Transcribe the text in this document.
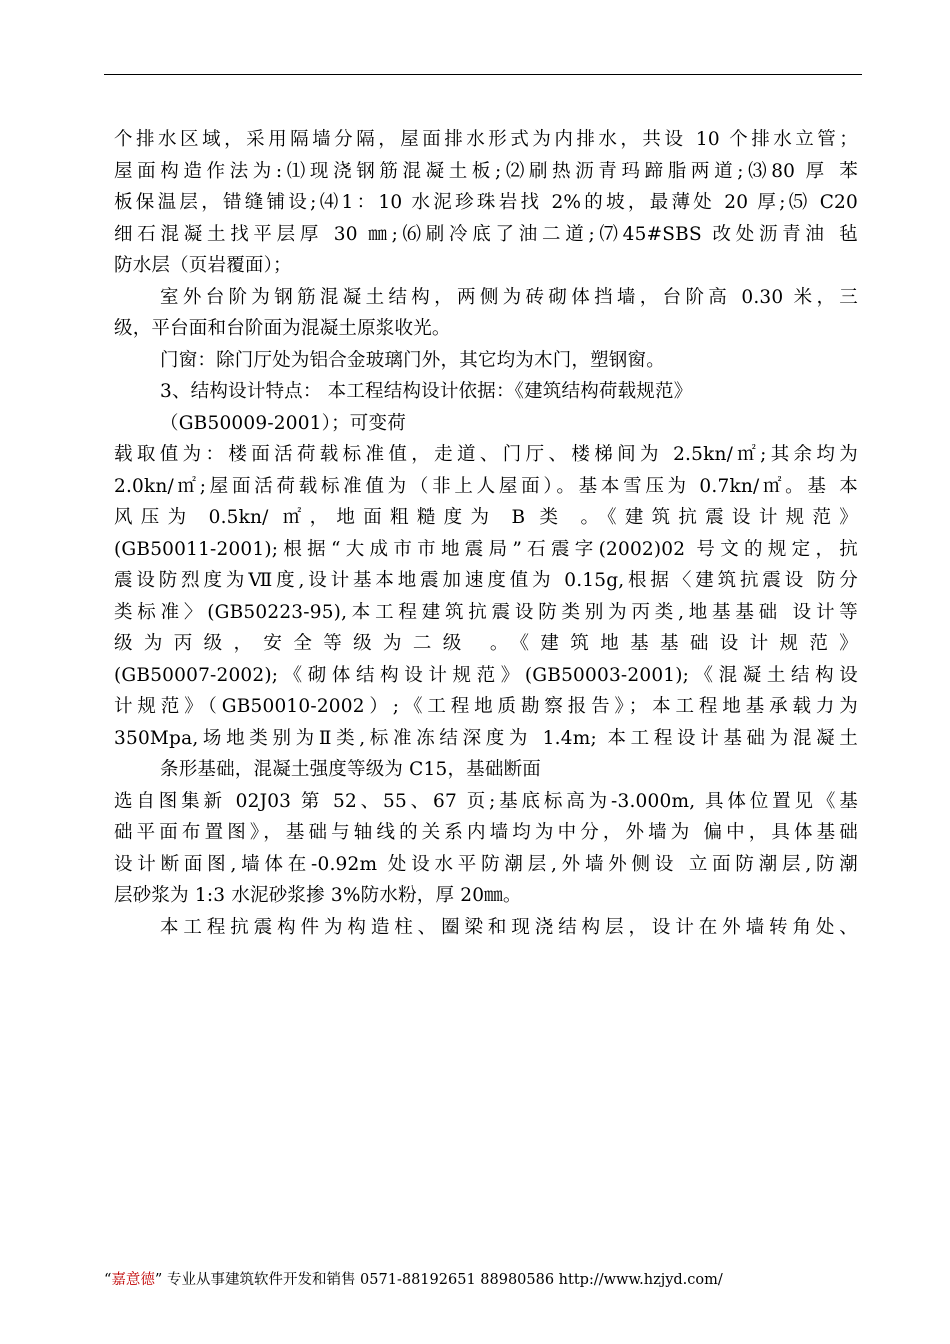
个排水区域，采用隔墙分隔，屋面排水形式为内排水，共设 10 个排水立管；
屋面构造作法为:⑴现浇钢筋混凝土板;⑵刷热沥青玛蹄脂两道;⑶80 厚 苯
板保温层，错缝铺设;⑷1：10 水泥珍珠岩找 2%的坡，最薄处 20 厚;⑸ C20
细石混凝土找平层厚 30 ㎜;⑹刷冷底了油二道;⑺45#SBS 改处沥青油 毡
防水层（页岩覆面）；
室外台阶为钢筋混凝土结构，两侧为砖砌体挡墙，台阶高 0.30 米，三
级，平台面和台阶面为混凝土原浆收光。
门窗：除门厅处为铝合金玻璃门外，其它均为木门，塑钢窗。
3、结构设计特点： 本工程结构设计依据：《建筑结构荷载规范》
（GB50009-2001）；可变荷
载取值为：楼面活荷载标准值，走道、门厅、楼梯间为 2.5kn/㎡;其余均为
2.0kn/㎡;屋面活荷载标准值为（非上人屋面）。基本雪压为 0.7kn/㎡。基 本
风压为 0.5kn/ ㎡，地面粗糙度为 B 类 。《建筑抗震设计规范》
(GB50011-2001);根据“大成市市地震局”石震字(2002)02 号文的规定，抗
震设防烈度为Ⅶ度,设计基本地震加速度值为 0.15g,根据〈建筑抗震设 防分
类标准〉(GB50223-95),本工程建筑抗震设防类别为丙类,地基基础 设计等
级为丙级，安全等级为二级 。《建筑地基基础设计规范》
(GB50007-2002);《砌体结构设计规范》(GB50003-2001);《混凝土结构设
计规范》（GB50010-2002）;《工程地质勘察报告》；本工程地基承载力为
350Mpa,场地类别为Ⅱ类,标准冻结深度为 1.4m; 本工程设计基础为混凝土
条形基础，混凝土强度等级为 C15，基础断面
选自图集新 02J03 第 52、55、67 页;基底标高为-3.000m, 具体位置见《基
础平面布置图》，基础与轴线的关系内墙均为中分，外墙为 偏中，具体基础
设计断面图,墙体在-0.92m 处设水平防潮层,外墙外侧设 立面防潮层,防潮
层砂浆为 1:3 水泥砂浆掺 3%防水粉，厚 20㎜。
本工程抗震构件为构造柱、圈梁和现浇结构层，设计在外墙转角处、
“嘉意德” 专业从事建筑软件开发和销售 0571-88192651 88980586 http://www.hzjyd.com/
